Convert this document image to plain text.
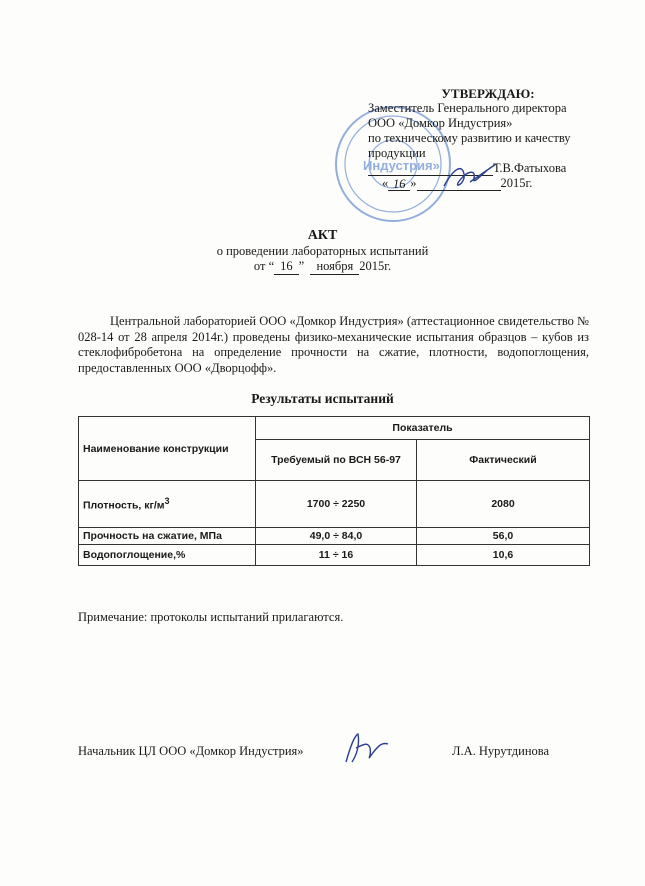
Индустрия»
УТВЕРЖДАЮ:
Заместитель Генерального директора
ООО «Домкор Индустрия»
по техническому развитию и качеству
продукции
Т.В.Фатыхова
« 16 »	2015г.
АКТ
о проведении лабораторных испытаний
от “ 16 ” ноября 2015г.
Центральной лабораторией ООО «Домкор Индустрия» (аттестационное свидетельство № 028-14 от 28 апреля 2014г.) проведены физико-механические испытания образцов – кубов из стеклофибробетона на определение прочности на сжатие, плотности, водопоглощения, предоставленных ООО «Дворцофф».
Результаты испытаний
Наименование конструкции	Показатель	
	Требуемый по ВСН 56-97	Фактический
Плотность, $кг/м^3$	1700 ÷ 2250	2080
Прочность на сжатие, МПа	49,0 ÷ 84,0	56,0
Водопоглощение,%	11 ÷ 16	10,6
Примечание: протоколы испытаний прилагаются.
Начальник ЦЛ ООО «Домкор Индустрия»	Л.А. Нурутдинова
